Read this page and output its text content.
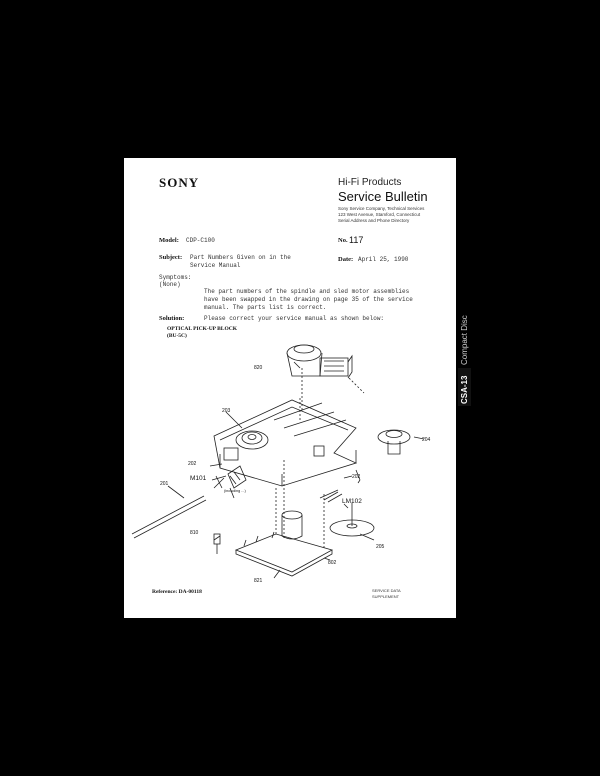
SONY	Hi-Fi Products
Service Bulletin
Sony Service Company, Technical Services
123 West Avenue, Stamford, Connecticut
Serial Address and Phone Directory
Model: CDP-C100	No. 117
Subject: Part Numbers Given on in the
Service Manual
Date: April 25, 1990
Symptoms:
(None)
The part numbers of the spindle and sled motor assemblies
have been swapped in the drawing on page 35 of the service
manual. The parts list is correct.
Solution:	Please correct your service manual as shown below:
OPTICAL PICK-UP BLOCK
(BU-5C)
820
203
204
202
202
201
M101
(including ...)
LM102
205
810
821
802
Reference: DA-00118	SERVICE DATA
SUPPLEMENT
Compact Disc
CSA-13
